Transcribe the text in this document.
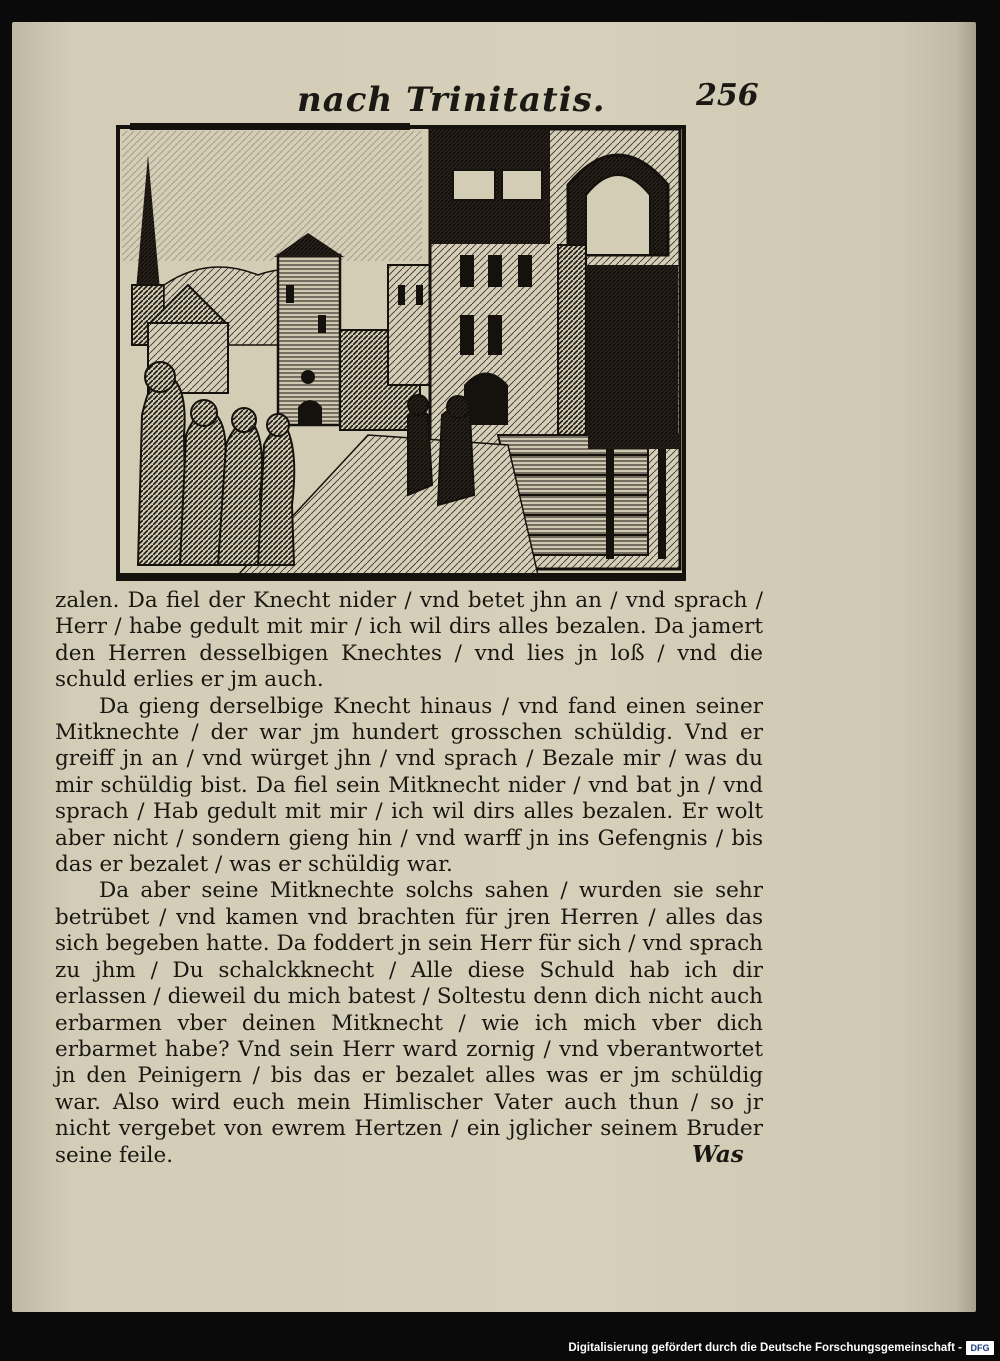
nach Trinitatis.	256

zalen. Da fiel der Knecht nider / vnd betet jhn an / vnd sprach / Herr / habe gedult mit mir / ich wil dirs alles bezalen. Da jamert den Herren desselbigen Knechtes / vnd lies jn loß / vnd die schuld erlies er jm auch.

Da gieng derselbige Knecht hinaus / vnd fand einen seiner Mitknechte / der war jm hundert grosschen schüldig. Vnd er greiff jn an / vnd würget jhn / vnd sprach / Bezale mir / was du mir schüldig bist. Da fiel sein Mitknecht nider / vnd bat jn / vnd sprach / Hab gedult mit mir / ich wil dirs alles bezalen. Er wolt aber nicht / sondern gieng hin / vnd warff jn ins Gefengnis / bis das er bezalet / was er schüldig war.

Da aber seine Mitknechte solchs sahen / wurden sie sehr betrübet / vnd kamen vnd brachten für jren Herren / alles das sich begeben hatte. Da foddert jn sein Herr für sich / vnd sprach zu jhm / Du schalckknecht / Alle diese Schuld hab ich dir erlassen / dieweil du mich batest / Soltestu denn dich nicht auch erbarmen vber deinen Mitknecht / wie ich mich vber dich erbarmet habe? Vnd sein Herr ward zornig / vnd vberantwortet jn den Peinigern / bis das er bezalet alles was er jm schüldig war. Also wird euch mein Himlischer Vater auch thun / so jr nicht vergebet von ewrem Hertzen / ein jglicher seinem Bruder seine feile.	Was
Digitalisierung gefördert durch die Deutsche Forschungsgemeinschaft - DFG
